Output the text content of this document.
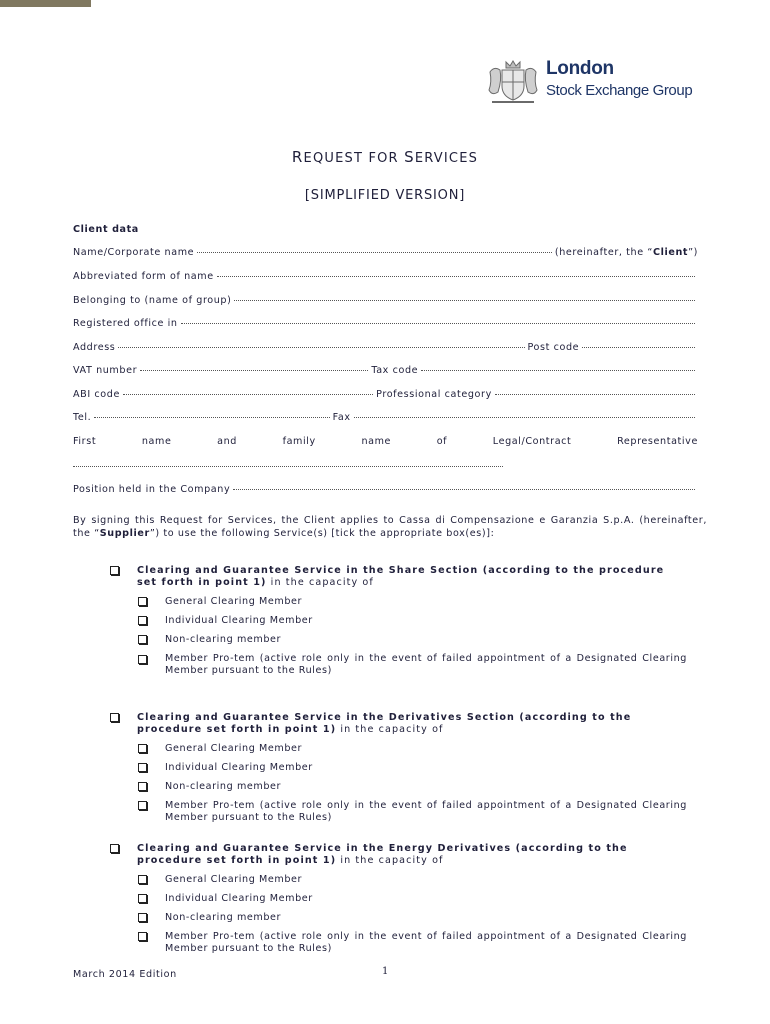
London
Stock Exchange Group
REQUEST FOR SERVICES
[SIMPLIFIED VERSION]
Client data
Name/Corporate name	(hereinafter, the “Client”)
Abbreviated form of name
Belonging to (name of group)
Registered office in
Address	Post code
VAT number	Tax code
ABI code	Professional category
Tel.	Fax
First	name	and	family	name	of	Legal/Contract	Representative
Position held in the Company
By signing this Request for Services, the Client applies to Cassa di Compensazione e Garanzia S.p.A. (hereinafter, the “Supplier”) to use the following Service(s) [tick the appropriate box(es)]:
Clearing and Guarantee Service in the Share Section (according to the procedure set forth in point 1) in the capacity of
General Clearing Member
Individual Clearing Member
Non-clearing member
Member Pro-tem (active role only in the event of failed appointment of a Designated Clearing Member pursuant to the Rules)
Clearing and Guarantee Service in the Derivatives Section (according to the procedure set forth in point 1) in the capacity of
General Clearing Member
Individual Clearing Member
Non-clearing member
Member Pro-tem (active role only in the event of failed appointment of a Designated Clearing Member pursuant to the Rules)
Clearing and Guarantee Service in the Energy Derivatives (according to the procedure set forth in point 1) in the capacity of
General Clearing Member
Individual Clearing Member
Non-clearing member
Member Pro-tem (active role only in the event of failed appointment of a Designated Clearing Member pursuant to the Rules)
March 2014 Edition	1
